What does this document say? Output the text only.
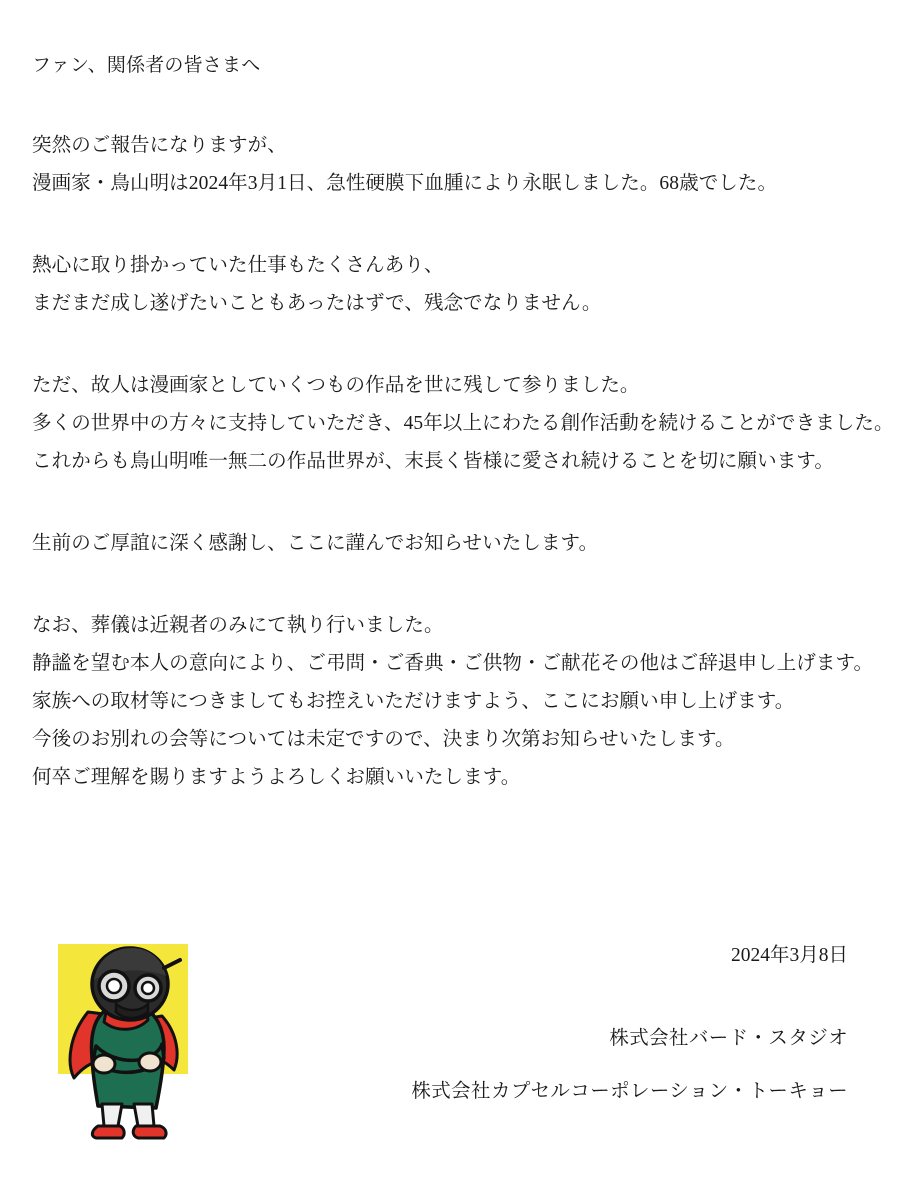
ファン、関係者の皆さまへ

突然のご報告になりますが、

漫画家・鳥山明は2024年3月1日、急性硬膜下血腫により永眠しました。68歳でした。

熱心に取り掛かっていた仕事もたくさんあり、

まだまだ成し遂げたいこともあったはずで、残念でなりません。

ただ、故人は漫画家としていくつもの作品を世に残して参りました。

多くの世界中の方々に支持していただき、45年以上にわたる創作活動を続けることができました。

これからも鳥山明唯一無二の作品世界が、末長く皆様に愛され続けることを切に願います。

生前のご厚誼に深く感謝し、ここに謹んでお知らせいたします。

なお、葬儀は近親者のみにて執り行いました。

静謐を望む本人の意向により、ご弔問・ご香典・ご供物・ご献花その他はご辞退申し上げます。

家族への取材等につきましてもお控えいただけますよう、ここにお願い申し上げます。

今後のお別れの会等については未定ですので、決まり次第お知らせいたします。

何卒ご理解を賜りますようよろしくお願いいたします。

2024年3月8日

株式会社バード・スタジオ

株式会社カプセルコーポレーション・トーキョー
